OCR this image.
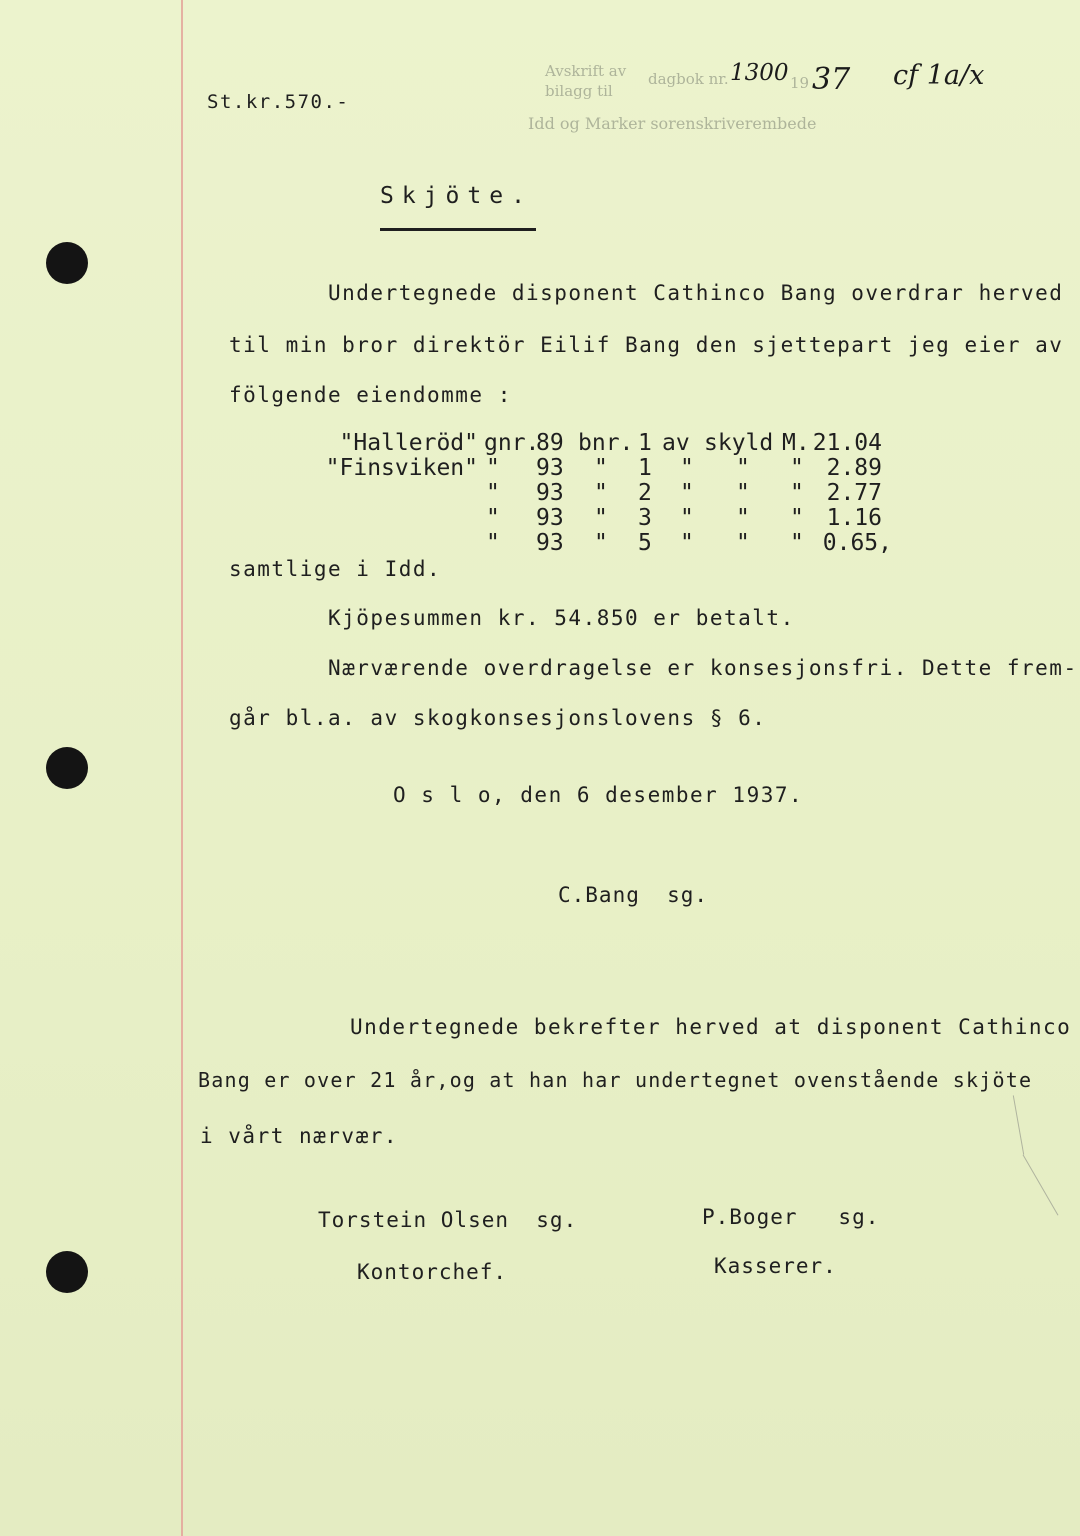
St.kr.570.-
Avskrift av
bilagg til
dagbok nr.	19
Idd og Marker sorenskriverembede
1300 37 cf 1a/x
Skjöte.
Undertegnede disponent Cathinco Bang overdrar herved
til min bror direktör Eilif Bang den sjettepart jeg eier av
fölgende eiendomme :
"Halleröd" gnr.
89 bnr. 1 av skyld M. 21.04
"Finsviken" " 93 " 1 " " " 2.89
" 93 " 2 " " " 2.77
" 93 " 3 " " " 1.16
" 93 " 5 " " " 0.65,
samtlige i Idd.
Kjöpesummen kr. 54.850 er betalt.
Nærværende overdragelse er konsesjonsfri. Dette frem-
går bl.a. av skogkonsesjonslovens § 6.
O s l o, den 6 desember 1937.
C.Bang  sg.
Undertegnede bekrefter herved at disponent Cathinco
Bang er over 21 år,og at han har undertegnet ovenstående skjöte
i vårt nærvær.
Torstein Olsen  sg.
Kontorchef.
P.Boger   sg.
Kasserer.
